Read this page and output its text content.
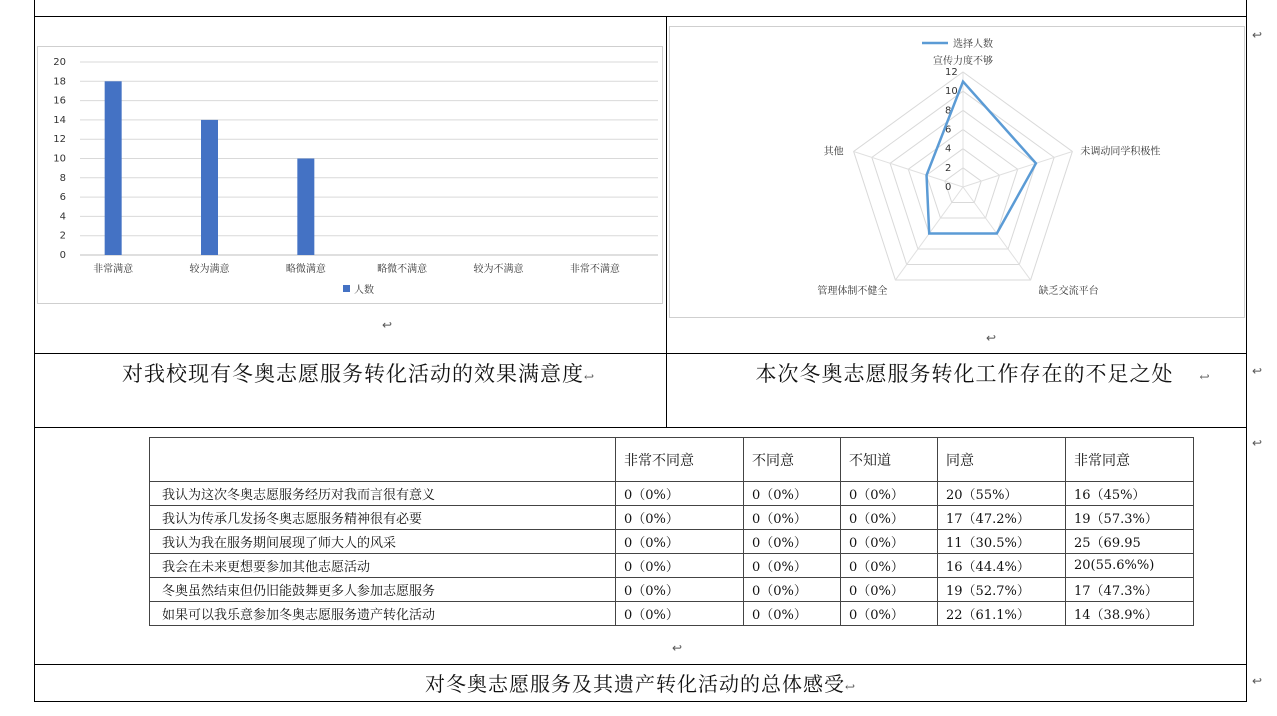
0
2
4
6
8
10
12
14
16
18
20
非常满意	较为满意	略微满意	略微不满意	较为不满意	非常不满意
人数
0
2
4
6
8
10
12
宣传力度不够
未调动同学积极性
缺乏交流平台
管理体制不健全
其他
选择人数
↩
↩
↩
↩
↩
↩
↩
对我校现有冬奥志愿服务转化活动的效果满意度↩	本次冬奥志愿服务转化工作存在的不足之处 ↩
对冬奥志愿服务及其遗产转化活动的总体感受↩
	非常不同意	不同意	不知道	同意	非常同意
我认为这次冬奥志愿服务经历对我而言很有意义	0（0%）	0（0%）	0（0%）	20（55%）	16（45%）
我认为传承几发扬冬奥志愿服务精神很有必要	0（0%）	0（0%）	0（0%）	17（47.2%）	19（57.3%）
我认为我在服务期间展现了师大人的风采	0（0%）	0（0%）	0（0%）	11（30.5%）	25（69.95
我会在未来更想要参加其他志愿活动	0（0%）	0（0%）	0（0%）	16（44.4%）	20(55.6%%)
冬奥虽然结束但仍旧能鼓舞更多人参加志愿服务	0（0%）	0（0%）	0（0%）	19（52.7%）	17（47.3%）
如果可以我乐意参加冬奥志愿服务遗产转化活动	0（0%）	0（0%）	0（0%）	22（61.1%）	14（38.9%）
